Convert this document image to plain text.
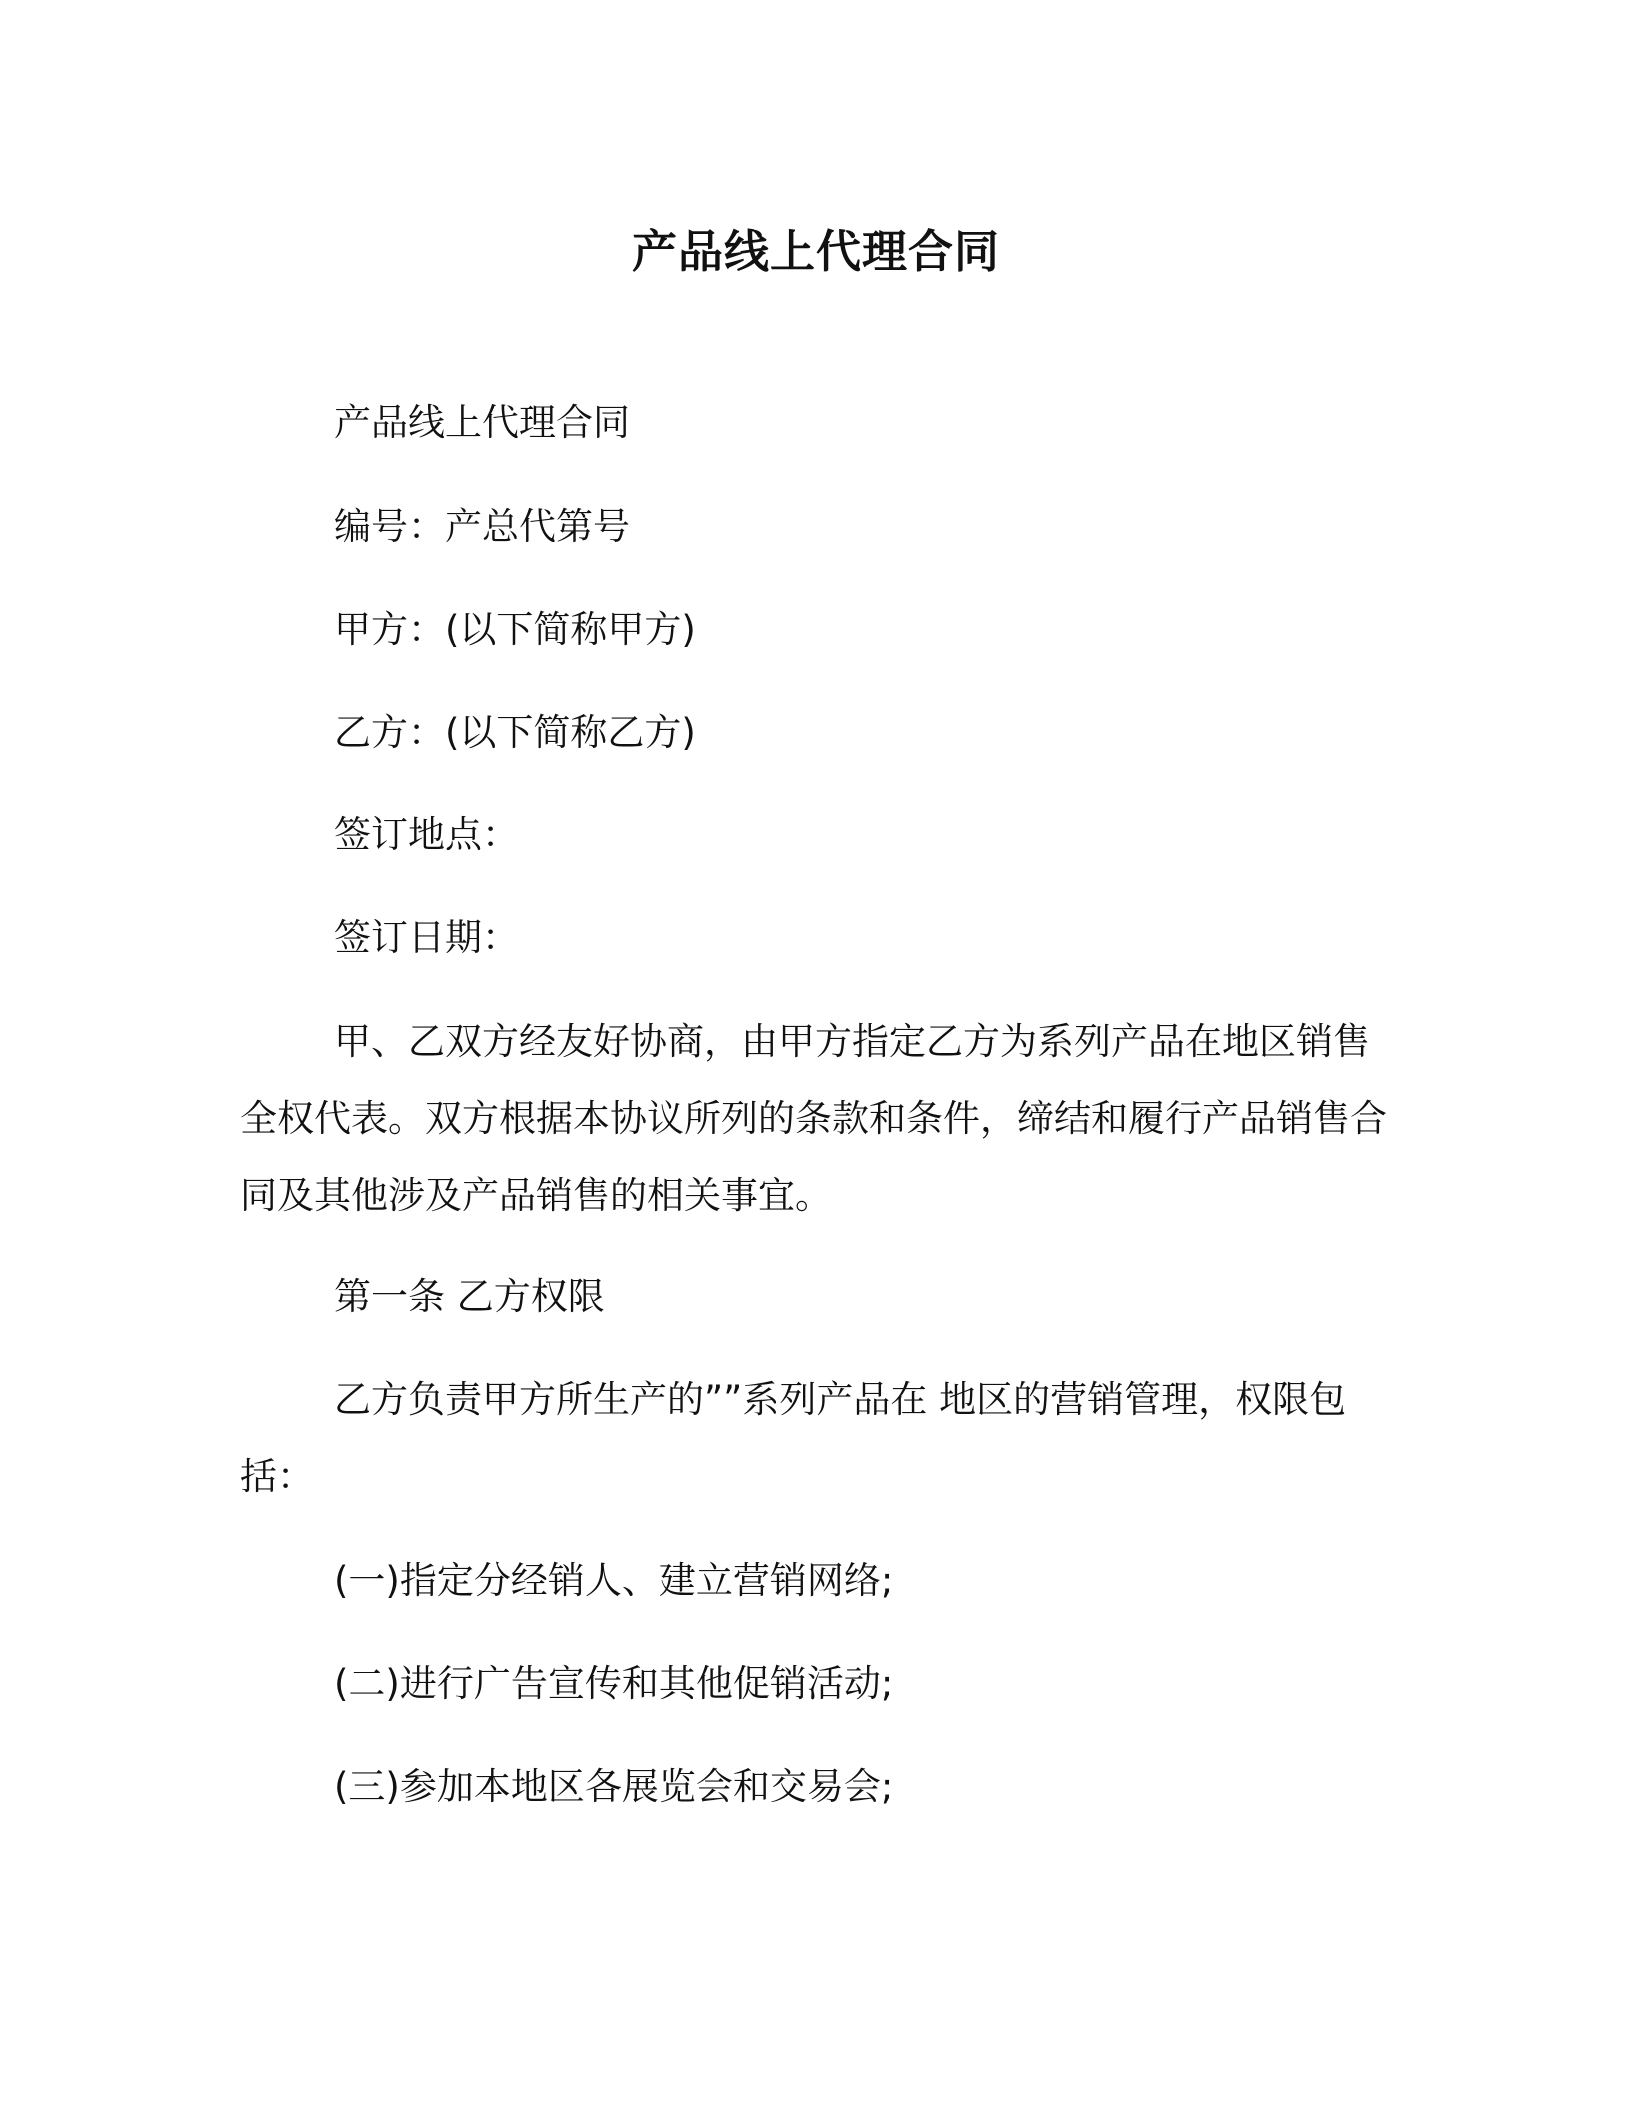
产品线上代理合同
产品线上代理合同
编号：产总代第号
甲方：(以下简称甲方)
乙方：(以下简称乙方)
签订地点：
签订日期：
甲、乙双方经友好协商，由甲方指定乙方为系列产品在地区销售全权代表。双方根据本协议所列的条款和条件，缔结和履行产品销售合同及其他涉及产品销售的相关事宜。
第一条 乙方权限
乙方负责甲方所生产的””系列产品在 地区的营销管理，权限包括：
(一)指定分经销人、建立营销网络;
(二)进行广告宣传和其他促销活动;
(三)参加本地区各展览会和交易会;
